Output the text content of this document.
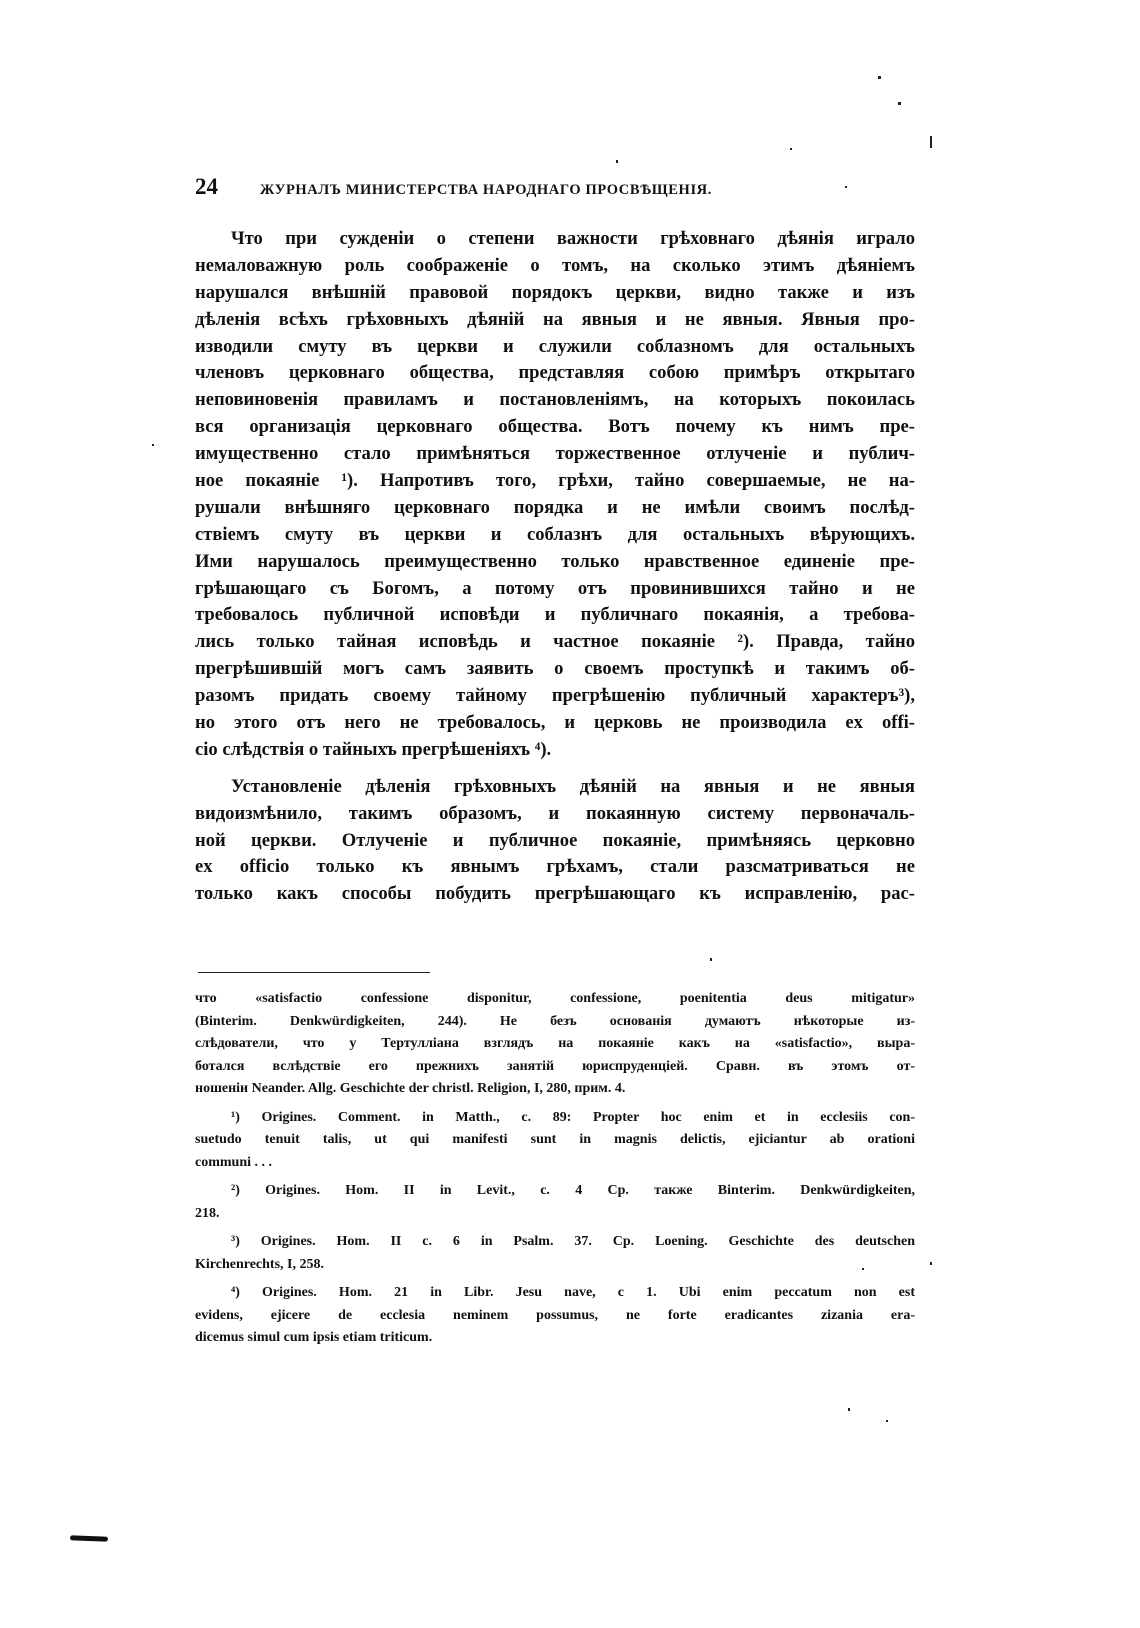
24	ЖУРНАЛЪ МИНИСТЕРСТВА НАРОДНАГО ПРОСВѢЩЕНІЯ.
Что при сужденіи о степени важности грѣховнаго дѣянія играло
немаловажную роль соображеніе о томъ, на сколько этимъ дѣяніемъ
нарушался внѣшній правовой порядокъ церкви, видно также и изъ
дѣленія всѣхъ грѣховныхъ дѣяній на явныя и не явныя. Явныя про-
изводили смуту въ церкви и служили соблазномъ для остальныхъ
членовъ церковнаго общества, представляя собою примѣръ открытаго
неповиновенія правиламъ и постановленіямъ, на которыхъ покоилась
вся организація церковнаго общества. Вотъ почему къ нимъ пре-
имущественно стало примѣняться торжественное отлученіе и публич-
ное покаяніе ¹). Напротивъ того, грѣхи, тайно совершаемые, не на-
рушали внѣшняго церковнаго порядка и не имѣли своимъ послѣд-
ствіемъ смуту въ церкви и соблазнъ для остальныхъ вѣрующихъ.
Ими нарушалось преимущественно только нравственное единеніе пре-
грѣшающаго съ Богомъ, а потому отъ провинившихся тайно и не
требовалось публичной исповѣди и публичнаго покаянія, а требова-
лись только тайная исповѣдь и частное покаяніе ²). Правда, тайно
прегрѣшившій могъ самъ заявить о своемъ проступкѣ и такимъ об-
разомъ придать своему тайному прегрѣшенію публичный характеръ³),
но этого отъ него не требовалось, и церковь не производила ex offi-
cio слѣдствія о тайныхъ прегрѣшеніяхъ ⁴).
Установленіе дѣленія грѣховныхъ дѣяній на явныя и не явныя
видоизмѣнило, такимъ образомъ, и покаянную систему первоначаль-
ной церкви. Отлученіе и публичное покаяніе, примѣняясь церковно
ex officio только къ явнымъ грѣхамъ, стали разсматриваться не
только какъ способы побудить прегрѣшающаго къ исправленію, рас-
что «satisfactio confessione disponitur, confessione, poenitentia deus mitigatur»
(Binterim. Denkwürdigkeiten, 244). Не безъ основанія думаютъ нѣкоторые из-
слѣдователи, что у Тертулліана взглядъ на покаяніе какъ на «satisfactio», выра-
ботался вслѣдствіе его прежнихъ занятій юриспруденціей. Сравн. въ этомъ от-
ношеніи Neander. Allg. Geschichte der christl. Religion, I, 280, прим. 4.
¹) Origines. Comment. in Matth., c. 89: Propter hoc enim et in ecclesiis con-
suetudo tenuit talis, ut qui manifesti sunt in magnis delictis, ejiciantur ab orationi
communi . . .
²) Origines. Hom. II in Levit., c. 4 Ср. также Binterim. Denkwürdigkeiten,
218.
³) Origines. Hom. II c. 6 in Psalm. 37. Ср. Loening. Geschichte des deutschen
Kirchenrechts, I, 258.
⁴) Origines. Hom. 21 in Libr. Jesu nave, c 1. Ubi enim peccatum non est
evidens, ejicere de ecclesia neminem possumus, ne forte eradicantes zizania era-
dicemus simul cum ipsis etiam triticum.
